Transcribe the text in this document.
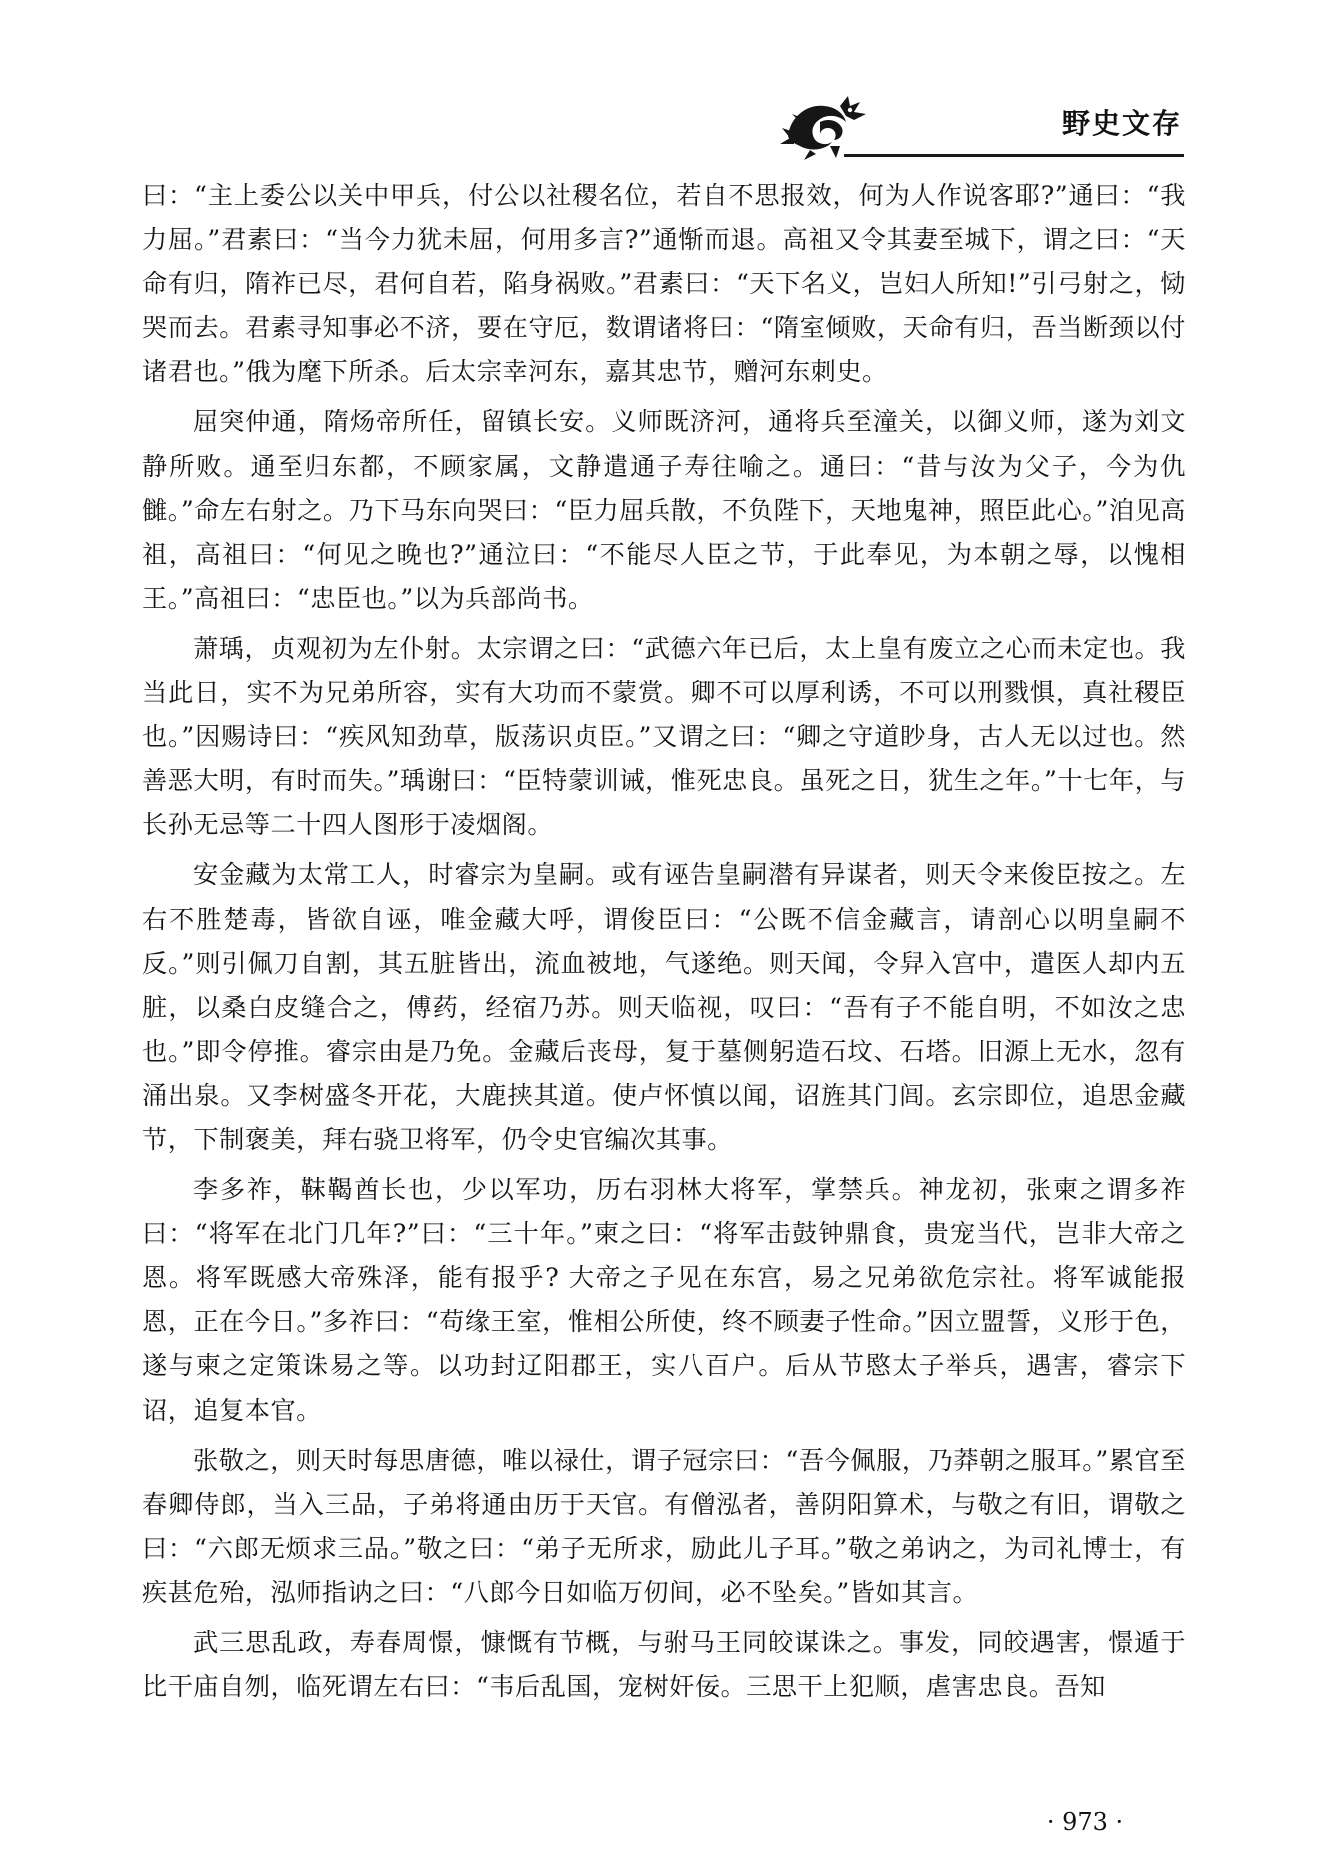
野史文存

曰：“主上委公以关中甲兵，付公以社稷名位，若自不思报效，何为人作说客耶?”通曰：“我力屈。”君素曰：“当今力犹未屈，何用多言?”通惭而退。高祖又令其妻至城下，谓之曰：“天命有归，隋祚已尽，君何自若，陷身祸败。”君素曰：“天下名义，岂妇人所知!”引弓射之，恸哭而去。君素寻知事必不济，要在守厄，数谓诸将曰：“隋室倾败，天命有归，吾当断颈以付诸君也。”俄为麾下所杀。后太宗幸河东，嘉其忠节，赠河东刺史。

屈突仲通，隋炀帝所任，留镇长安。义师既济河，通将兵至潼关，以御义师，遂为刘文静所败。通至归东都，不顾家属，文静遣通子寿往喻之。通曰：“昔与汝为父子，今为仇雠。”命左右射之。乃下马东向哭曰：“臣力屈兵散，不负陛下，天地鬼神，照臣此心。”洎见高祖，高祖曰：“何见之晚也?”通泣曰：“不能尽人臣之节，于此奉见，为本朝之辱，以愧相王。”高祖曰：“忠臣也。”以为兵部尚书。

萧瑀，贞观初为左仆射。太宗谓之曰：“武德六年已后，太上皇有废立之心而未定也。我当此日，实不为兄弟所容，实有大功而不蒙赏。卿不可以厚利诱，不可以刑戮惧，真社稷臣也。”因赐诗曰：“疾风知劲草，版荡识贞臣。”又谓之曰：“卿之守道眇身，古人无以过也。然善恶大明，有时而失。”瑀谢曰：“臣特蒙训诫，惟死忠良。虽死之日，犹生之年。”十七年，与长孙无忌等二十四人图形于凌烟阁。

安金藏为太常工人，时睿宗为皇嗣。或有诬告皇嗣潜有异谋者，则天令来俊臣按之。左右不胜楚毒，皆欲自诬，唯金藏大呼，谓俊臣曰：“公既不信金藏言，请剖心以明皇嗣不反。”则引佩刀自割，其五脏皆出，流血被地，气遂绝。则天闻，令舁入宫中，遣医人却内五脏，以桑白皮缝合之，傅药，经宿乃苏。则天临视，叹曰：“吾有子不能自明，不如汝之忠也。”即令停推。睿宗由是乃免。金藏后丧母，复于墓侧躬造石坟、石塔。旧源上无水，忽有涌出泉。又李树盛冬开花，大鹿挟其道。使卢怀慎以闻，诏旌其门闾。玄宗即位，追思金藏节，下制褒美，拜右骁卫将军，仍令史官编次其事。

李多祚，靺鞨酋长也，少以军功，历右羽林大将军，掌禁兵。神龙初，张柬之谓多祚曰：“将军在北门几年?”曰：“三十年。”柬之曰：“将军击鼓钟鼎食，贵宠当代，岂非大帝之恩。将军既感大帝殊泽，能有报乎? 大帝之子见在东宫，易之兄弟欲危宗社。将军诚能报恩，正在今日。”多祚曰：“苟缘王室，惟相公所使，终不顾妻子性命。”因立盟誓，义形于色，遂与柬之定策诛易之等。以功封辽阳郡王，实八百户。后从节愍太子举兵，遇害，睿宗下诏，追复本官。

张敬之，则天时每思唐德，唯以禄仕，谓子冠宗曰：“吾今佩服，乃莽朝之服耳。”累官至春卿侍郎，当入三品，子弟将通由历于天官。有僧泓者，善阴阳算术，与敬之有旧，谓敬之曰：“六郎无烦求三品。”敬之曰：“弟子无所求，励此儿子耳。”敬之弟讷之，为司礼博士，有疾甚危殆，泓师指讷之曰：“八郎今日如临万仞间，必不坠矣。”皆如其言。

武三思乱政，寿春周憬，慷慨有节概，与驸马王同皎谋诛之。事发，同皎遇害，憬遁于比干庙自刎，临死谓左右曰：“韦后乱国，宠树奸佞。三思干上犯顺，虐害忠良。吾知

· 973 ·
